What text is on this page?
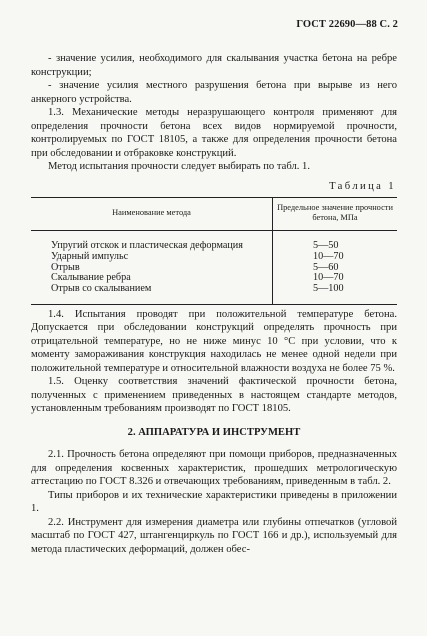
ГОСТ 22690—88 С. 2

- значение усилия, необходимого для скалывания участка бетона на ребре конструкции;

- значение усилия местного разрушения бетона при вырыве из него анкерного устройства.

1.3. Механические методы неразрушающего контроля применяют для определения прочности бетона всех видов нормируемой прочности, контролируемых по ГОСТ 18105, а также для определения прочности бетона при обследовании и отбраковке конструкций.

Метод испытания прочности следует выбирать по табл. 1.

Таблица 1
Наименование метода	Предельное значение прочности бетона, МПа
Упругий отскок и пластическая деформация	5—50
Ударный импульс	10—70
Отрыв	5—60
Скалывание ребра	10—70
Отрыв со скалыванием	5—100

1.4. Испытания проводят при положительной температуре бетона. Допускается при обследовании конструкций определять прочность при отрицательной температуре, но не ниже минус 10 °С при условии, что к моменту замораживания конструкция находилась не менее одной недели при положительной температуре и относительной влажности воздуха не более 75 %.

1.5. Оценку соответствия значений фактической прочности бетона, полученных с применением приведенных в настоящем стандарте методов, установленным требованиям производят по ГОСТ 18105.

2. АППАРАТУРА И ИНСТРУМЕНТ

2.1. Прочность бетона определяют при помощи приборов, предназначенных для определения косвенных характеристик, прошедших метрологическую аттестацию по ГОСТ 8.326 и отвечающих требованиям, приведенным в табл. 2.

Типы приборов и их технические характеристики приведены в приложении 1.

2.2. Инструмент для измерения диаметра или глубины отпечатков (угловой масштаб по ГОСТ 427, штангенциркуль по ГОСТ 166 и др.), используемый для метода пластических деформаций, должен обес-
